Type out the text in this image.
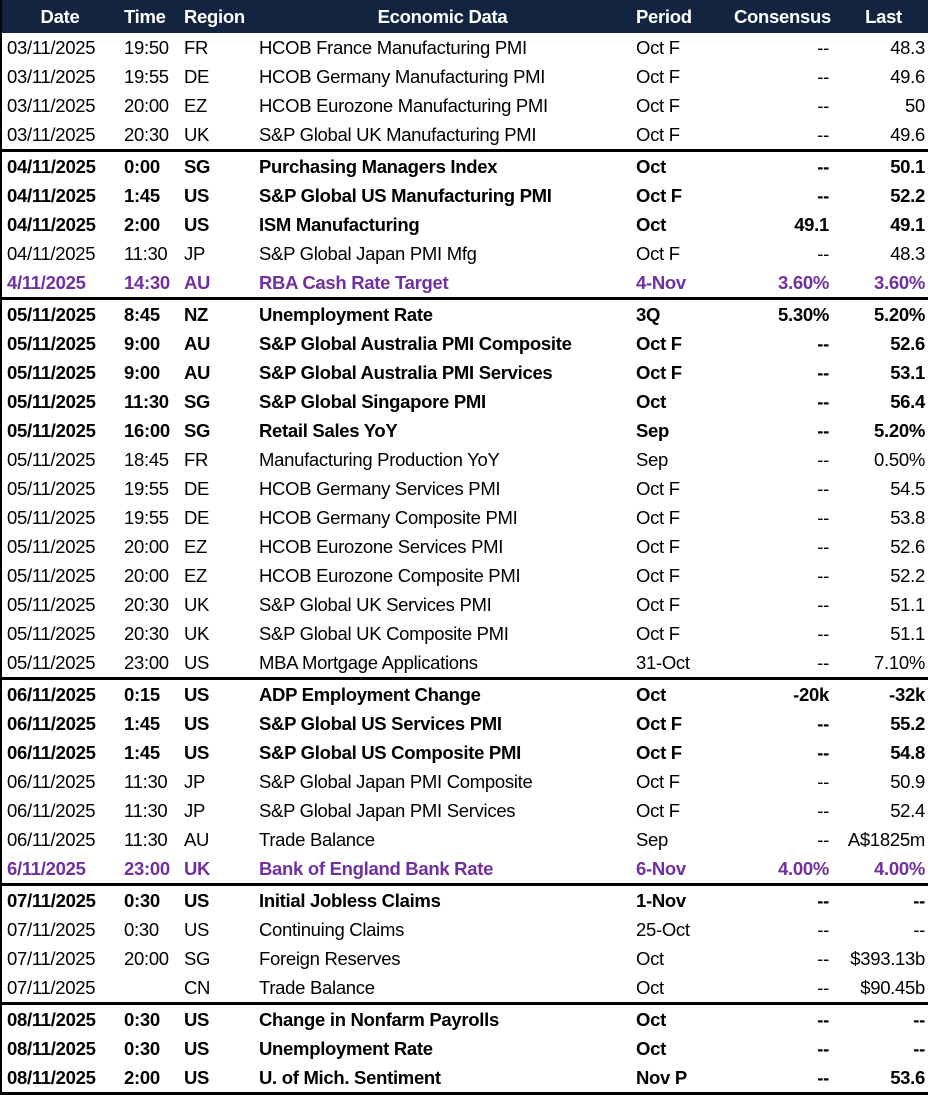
Date	Time	Region	Economic Data	Period	Consensus	Last
03/11/2025	19:50	FR	HCOB France Manufacturing PMI	Oct F	--	48.3
03/11/2025	19:55	DE	HCOB Germany Manufacturing PMI	Oct F	--	49.6
03/11/2025	20:00	EZ	HCOB Eurozone Manufacturing PMI	Oct F	--	50
03/11/2025	20:30	UK	S&P Global UK Manufacturing PMI	Oct F	--	49.6
04/11/2025	0:00	SG	Purchasing Managers Index	Oct	--	50.1
04/11/2025	1:45	US	S&P Global US Manufacturing PMI	Oct F	--	52.2
04/11/2025	2:00	US	ISM Manufacturing	Oct	49.1	49.1
04/11/2025	11:30	JP	S&P Global Japan PMI Mfg	Oct F	--	48.3
4/11/2025	14:30	AU	RBA Cash Rate Target	4-Nov	3.60%	3.60%
05/11/2025	8:45	NZ	Unemployment Rate	3Q	5.30%	5.20%
05/11/2025	9:00	AU	S&P Global Australia PMI Composite	Oct F	--	52.6
05/11/2025	9:00	AU	S&P Global Australia PMI Services	Oct F	--	53.1
05/11/2025	11:30	SG	S&P Global Singapore PMI	Oct	--	56.4
05/11/2025	16:00	SG	Retail Sales YoY	Sep	--	5.20%
05/11/2025	18:45	FR	Manufacturing Production YoY	Sep	--	0.50%
05/11/2025	19:55	DE	HCOB Germany Services PMI	Oct F	--	54.5
05/11/2025	19:55	DE	HCOB Germany Composite PMI	Oct F	--	53.8
05/11/2025	20:00	EZ	HCOB Eurozone Services PMI	Oct F	--	52.6
05/11/2025	20:00	EZ	HCOB Eurozone Composite PMI	Oct F	--	52.2
05/11/2025	20:30	UK	S&P Global UK Services PMI	Oct F	--	51.1
05/11/2025	20:30	UK	S&P Global UK Composite PMI	Oct F	--	51.1
05/11/2025	23:00	US	MBA Mortgage Applications	31-Oct	--	7.10%
06/11/2025	0:15	US	ADP Employment Change	Oct	-20k	-32k
06/11/2025	1:45	US	S&P Global US Services PMI	Oct F	--	55.2
06/11/2025	1:45	US	S&P Global US Composite PMI	Oct F	--	54.8
06/11/2025	11:30	JP	S&P Global Japan PMI Composite	Oct F	--	50.9
06/11/2025	11:30	JP	S&P Global Japan PMI Services	Oct F	--	52.4
06/11/2025	11:30	AU	Trade Balance	Sep	--	A$1825m
6/11/2025	23:00	UK	Bank of England Bank Rate	6-Nov	4.00%	4.00%
07/11/2025	0:30	US	Initial Jobless Claims	1-Nov	--	--
07/11/2025	0:30	US	Continuing Claims	25-Oct	--	--
07/11/2025	20:00	SG	Foreign Reserves	Oct	--	$393.13b
07/11/2025		CN	Trade Balance	Oct	--	$90.45b
08/11/2025	0:30	US	Change in Nonfarm Payrolls	Oct	--	--
08/11/2025	0:30	US	Unemployment Rate	Oct	--	--
08/11/2025	2:00	US	U. of Mich. Sentiment	Nov P	--	53.6
